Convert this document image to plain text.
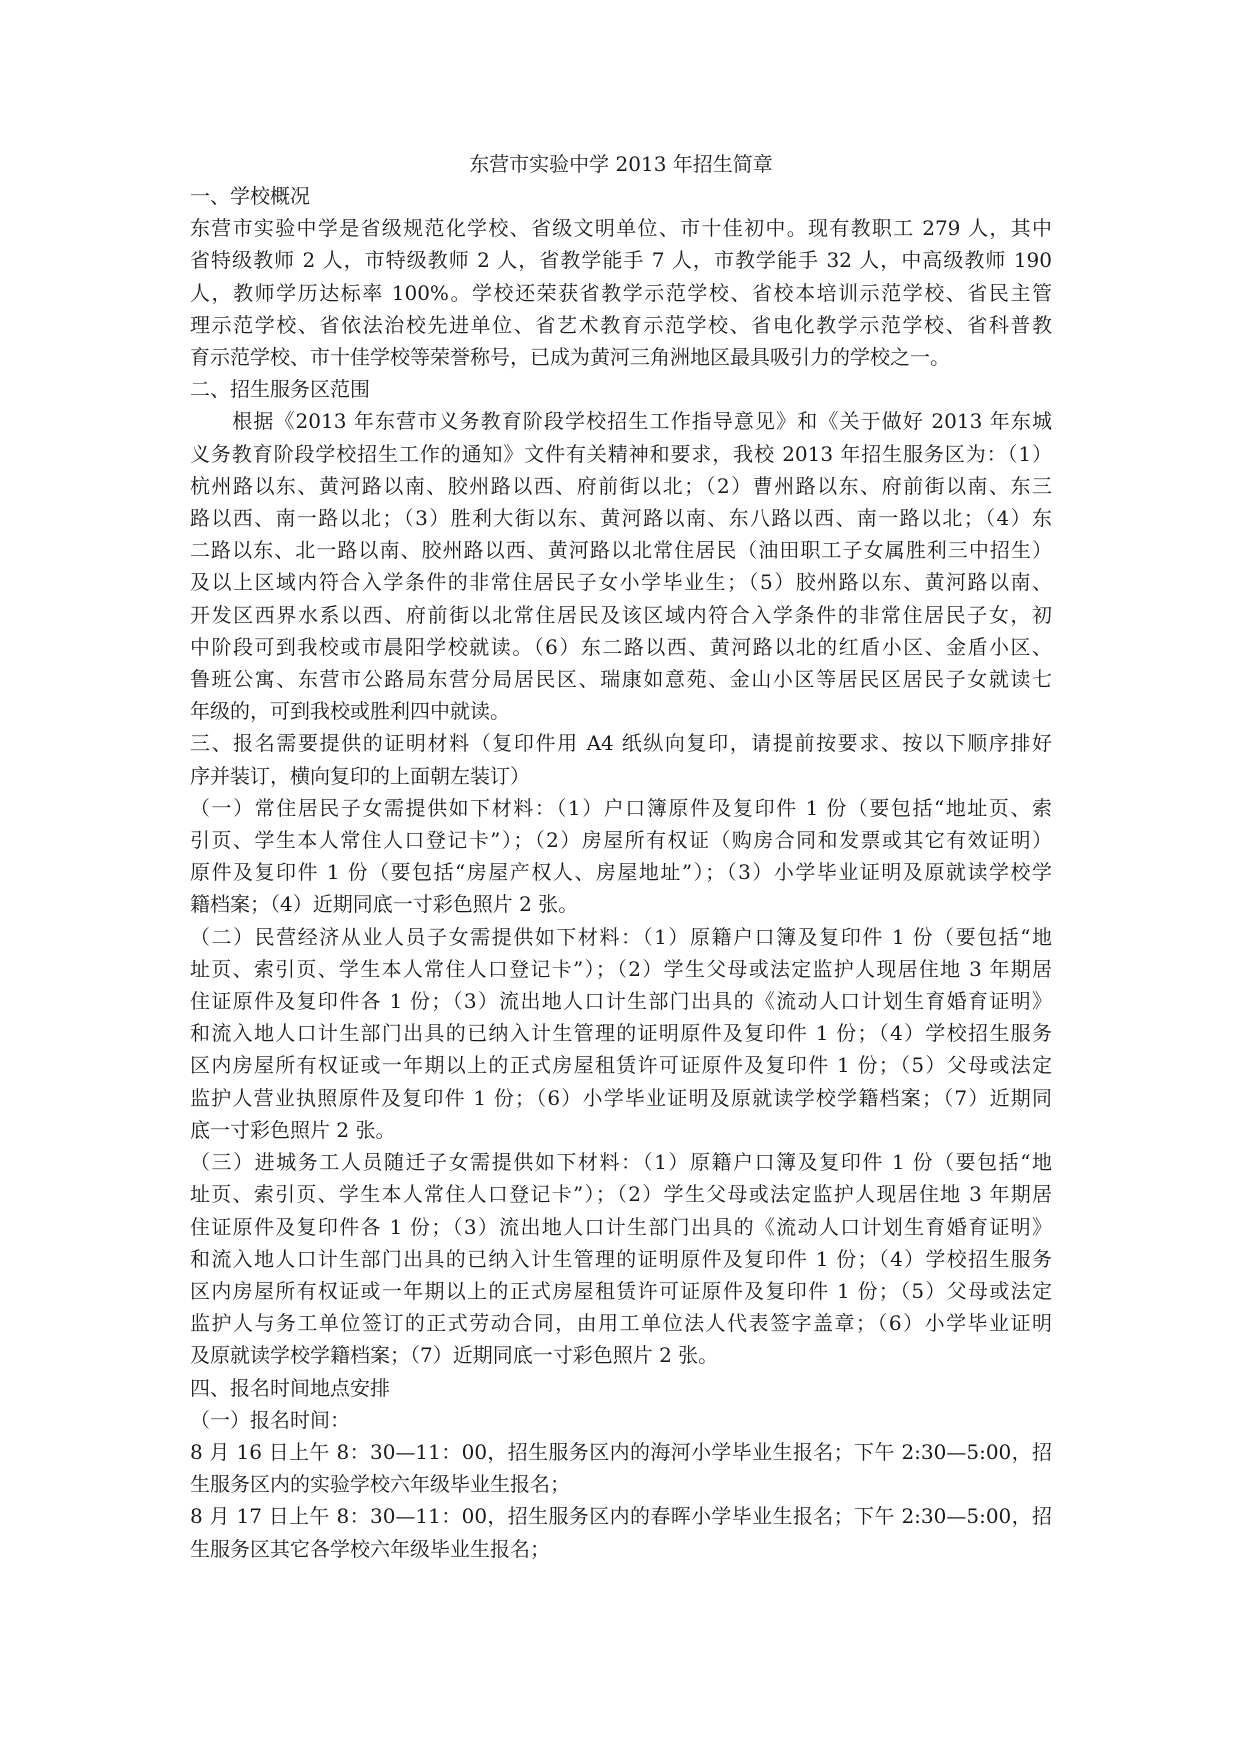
东营市实验中学 2013 年招生简章

一、学校概况

东营市实验中学是省级规范化学校、省级文明单位、市十佳初中。现有教职工 279 人，其中

省特级教师 2 人，市特级教师 2 人，省教学能手 7 人，市教学能手 32 人，中高级教师 190

人，教师学历达标率 100%。学校还荣获省教学示范学校、省校本培训示范学校、省民主管

理示范学校、省依法治校先进单位、省艺术教育示范学校、省电化教学示范学校、省科普教

育示范学校、市十佳学校等荣誉称号，已成为黄河三角洲地区最具吸引力的学校之一。

二、招生服务区范围

　　根据《2013 年东营市义务教育阶段学校招生工作指导意见》和《关于做好 2013 年东城

义务教育阶段学校招生工作的通知》文件有关精神和要求，我校 2013 年招生服务区为：（1）

杭州路以东、黄河路以南、胶州路以西、府前街以北；（2）曹州路以东、府前街以南、东三

路以西、南一路以北；（3）胜利大街以东、黄河路以南、东八路以西、南一路以北；（4）东

二路以东、北一路以南、胶州路以西、黄河路以北常住居民（油田职工子女属胜利三中招生）

及以上区域内符合入学条件的非常住居民子女小学毕业生；（5）胶州路以东、黄河路以南、

开发区西界水系以西、府前街以北常住居民及该区域内符合入学条件的非常住居民子女，初

中阶段可到我校或市晨阳学校就读。（6）东二路以西、黄河路以北的红盾小区、金盾小区、

鲁班公寓、东营市公路局东营分局居民区、瑞康如意苑、金山小区等居民区居民子女就读七

年级的，可到我校或胜利四中就读。

三、报名需要提供的证明材料（复印件用 A4 纸纵向复印，请提前按要求、按以下顺序排好

序并装订，横向复印的上面朝左装订）

（一）常住居民子女需提供如下材料：（1）户口簿原件及复印件 1 份（要包括“地址页、索

引页、学生本人常住人口登记卡”）；（2）房屋所有权证（购房合同和发票或其它有效证明）

原件及复印件 1 份（要包括“房屋产权人、房屋地址”）；（3）小学毕业证明及原就读学校学

籍档案；（4）近期同底一寸彩色照片 2 张。

（二）民营经济从业人员子女需提供如下材料：（1）原籍户口簿及复印件 1 份（要包括“地

址页、索引页、学生本人常住人口登记卡”）；（2）学生父母或法定监护人现居住地 3 年期居

住证原件及复印件各 1 份；（3）流出地人口计生部门出具的《流动人口计划生育婚育证明》

和流入地人口计生部门出具的已纳入计生管理的证明原件及复印件 1 份；（4）学校招生服务

区内房屋所有权证或一年期以上的正式房屋租赁许可证原件及复印件 1 份；（5）父母或法定

监护人营业执照原件及复印件 1 份；（6）小学毕业证明及原就读学校学籍档案；（7）近期同

底一寸彩色照片 2 张。

（三）进城务工人员随迁子女需提供如下材料：（1）原籍户口簿及复印件 1 份（要包括“地

址页、索引页、学生本人常住人口登记卡”）；（2）学生父母或法定监护人现居住地 3 年期居

住证原件及复印件各 1 份；（3）流出地人口计生部门出具的《流动人口计划生育婚育证明》

和流入地人口计生部门出具的已纳入计生管理的证明原件及复印件 1 份；（4）学校招生服务

区内房屋所有权证或一年期以上的正式房屋租赁许可证原件及复印件 1 份；（5）父母或法定

监护人与务工单位签订的正式劳动合同，由用工单位法人代表签字盖章；（6）小学毕业证明

及原就读学校学籍档案；（7）近期同底一寸彩色照片 2 张。

四、报名时间地点安排

（一）报名时间：

8 月 16 日上午 8：30—11：00，招生服务区内的海河小学毕业生报名；下午 2:30—5:00，招

生服务区内的实验学校六年级毕业生报名；

8 月 17 日上午 8：30—11：00，招生服务区内的春晖小学毕业生报名；下午 2:30—5:00，招

生服务区其它各学校六年级毕业生报名；
